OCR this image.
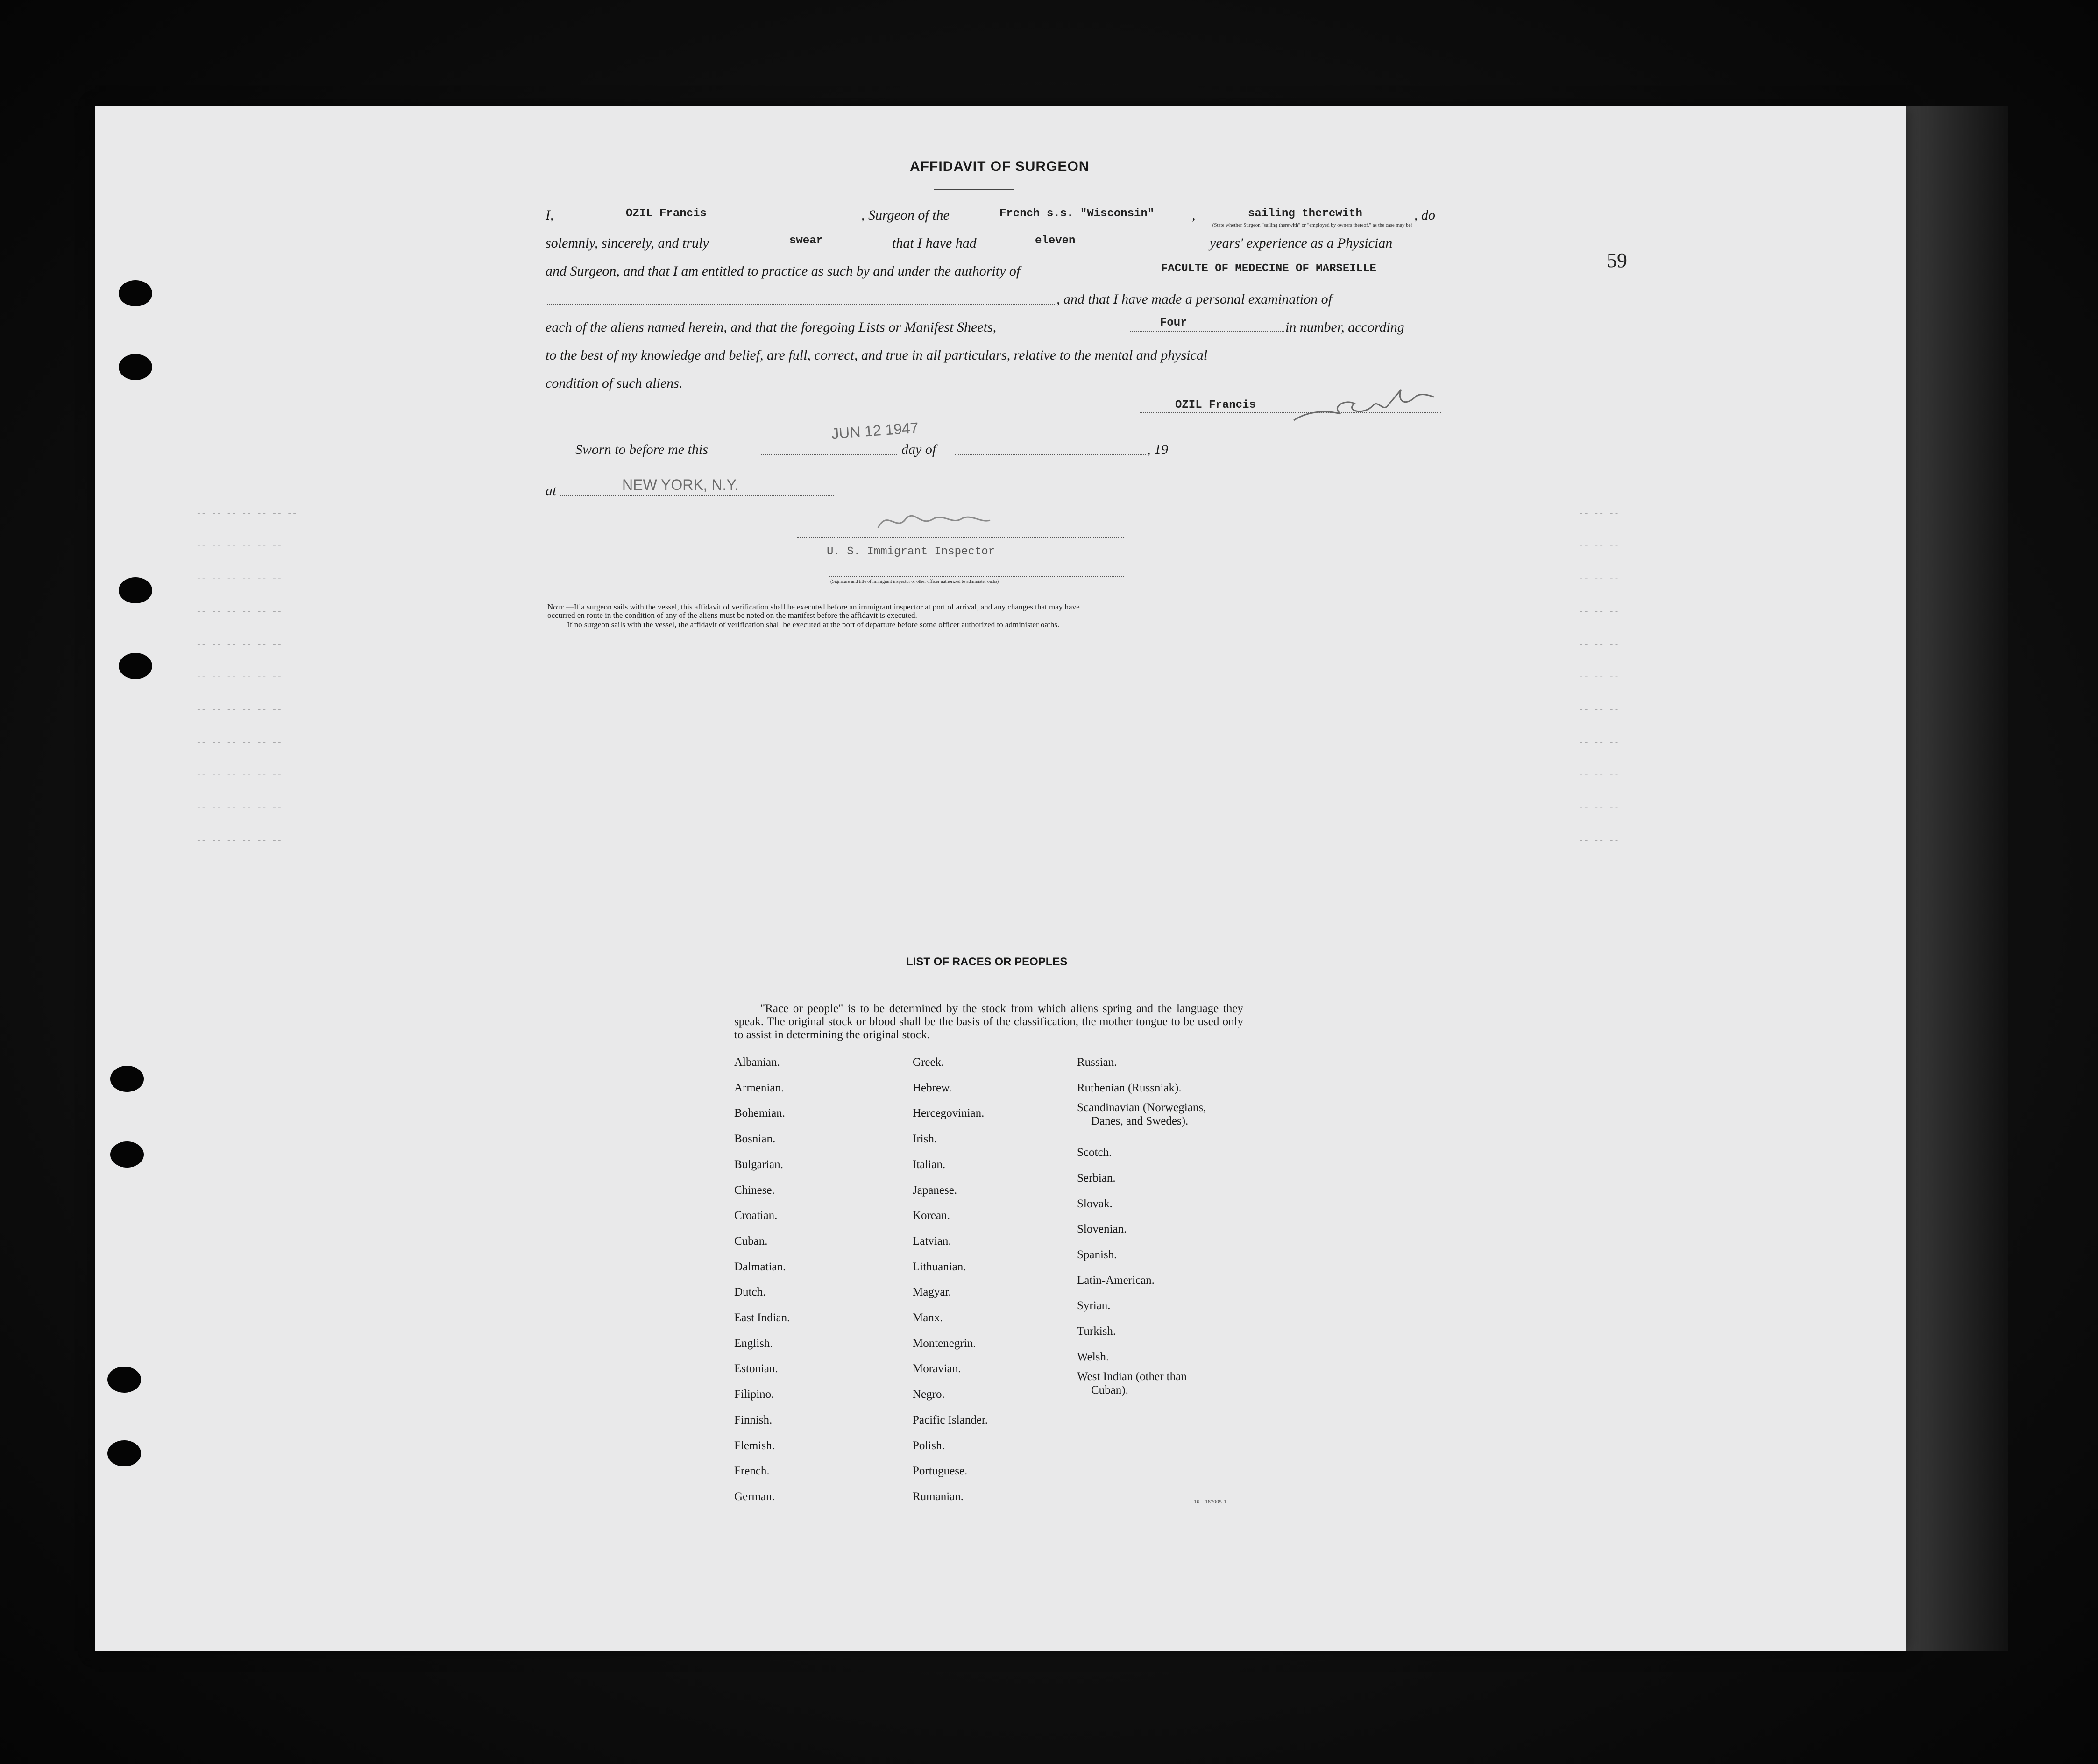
59
-- -- -- -- -- -- --
-- -- -- -- -- --
-- -- -- -- -- --
-- -- -- -- -- --
-- -- -- -- -- --
-- -- -- -- -- --
-- -- -- -- -- --
-- -- -- -- -- --
-- -- -- -- -- --
-- -- -- -- -- --
-- -- -- -- -- --
-- -- --
-- -- --
-- -- --
-- -- --
-- -- --
-- -- --
-- -- --
-- -- --
-- -- --
-- -- --
-- -- --
AFFIDAVIT OF SURGEON
I,	OZIL Francis	, Surgeon of the	French s.s. "Wisconsin"	,	sailing therewith
(State whether Surgeon "sailing therewith" or "employed by owners thereof," as the case may be)
, do
solemnly, sincerely, and truly	swear	that I have had	eleven	years' experience as a Physician
and Surgeon, and that I am entitled to practice as such by and under the authority of	FACULTE OF MEDECINE OF MARSEILLE
, and that I have made a personal examination of
each of the aliens named herein, and that the foregoing Lists or Manifest Sheets,	Four	in number, according
to the best of my knowledge and belief, are full, correct, and true in all particulars, relative to the mental and physical
condition of such aliens.
OZIL Francis
Sworn to before me this
JUN 12 1947
day of	, 19
at	NEW YORK, N.Y.
U. S. Immigrant Inspector
(Signature and title of immigrant inspector or other officer authorized to administer oaths)
Note.—If a surgeon sails with the vessel, this affidavit of verification shall be executed before an immigrant inspector at port of arrival, and any changes that may have
occurred en route in the condition of any of the aliens must be noted on the manifest before the affidavit is executed.
If no surgeon sails with the vessel, the affidavit of verification shall be executed at the port of departure before some officer authorized to administer oaths.
LIST OF RACES OR PEOPLES
"Race or people" is to be determined by the stock from which aliens spring and the language they speak. The original stock or blood shall be the basis of the classification, the mother tongue to be used only to assist in determining the original stock.
Albanian.
Armenian.
Bohemian.
Bosnian.
Bulgarian.
Chinese.
Croatian.
Cuban.
Dalmatian.
Dutch.
East Indian.
English.
Estonian.
Filipino.
Finnish.
Flemish.
French.
German.
Greek.
Hebrew.
Hercegovinian.
Irish.
Italian.
Japanese.
Korean.
Latvian.
Lithuanian.
Magyar.
Manx.
Montenegrin.
Moravian.
Negro.
Pacific Islander.
Polish.
Portuguese.
Rumanian.
Russian.
Ruthenian (Russniak).
Scandinavian (Norwegians,
Danes, and Swedes).
Scotch.
Serbian.
Slovak.
Slovenian.
Spanish.
Latin-American.
Syrian.
Turkish.
Welsh.
West Indian (other than
Cuban).
16—187005-1
